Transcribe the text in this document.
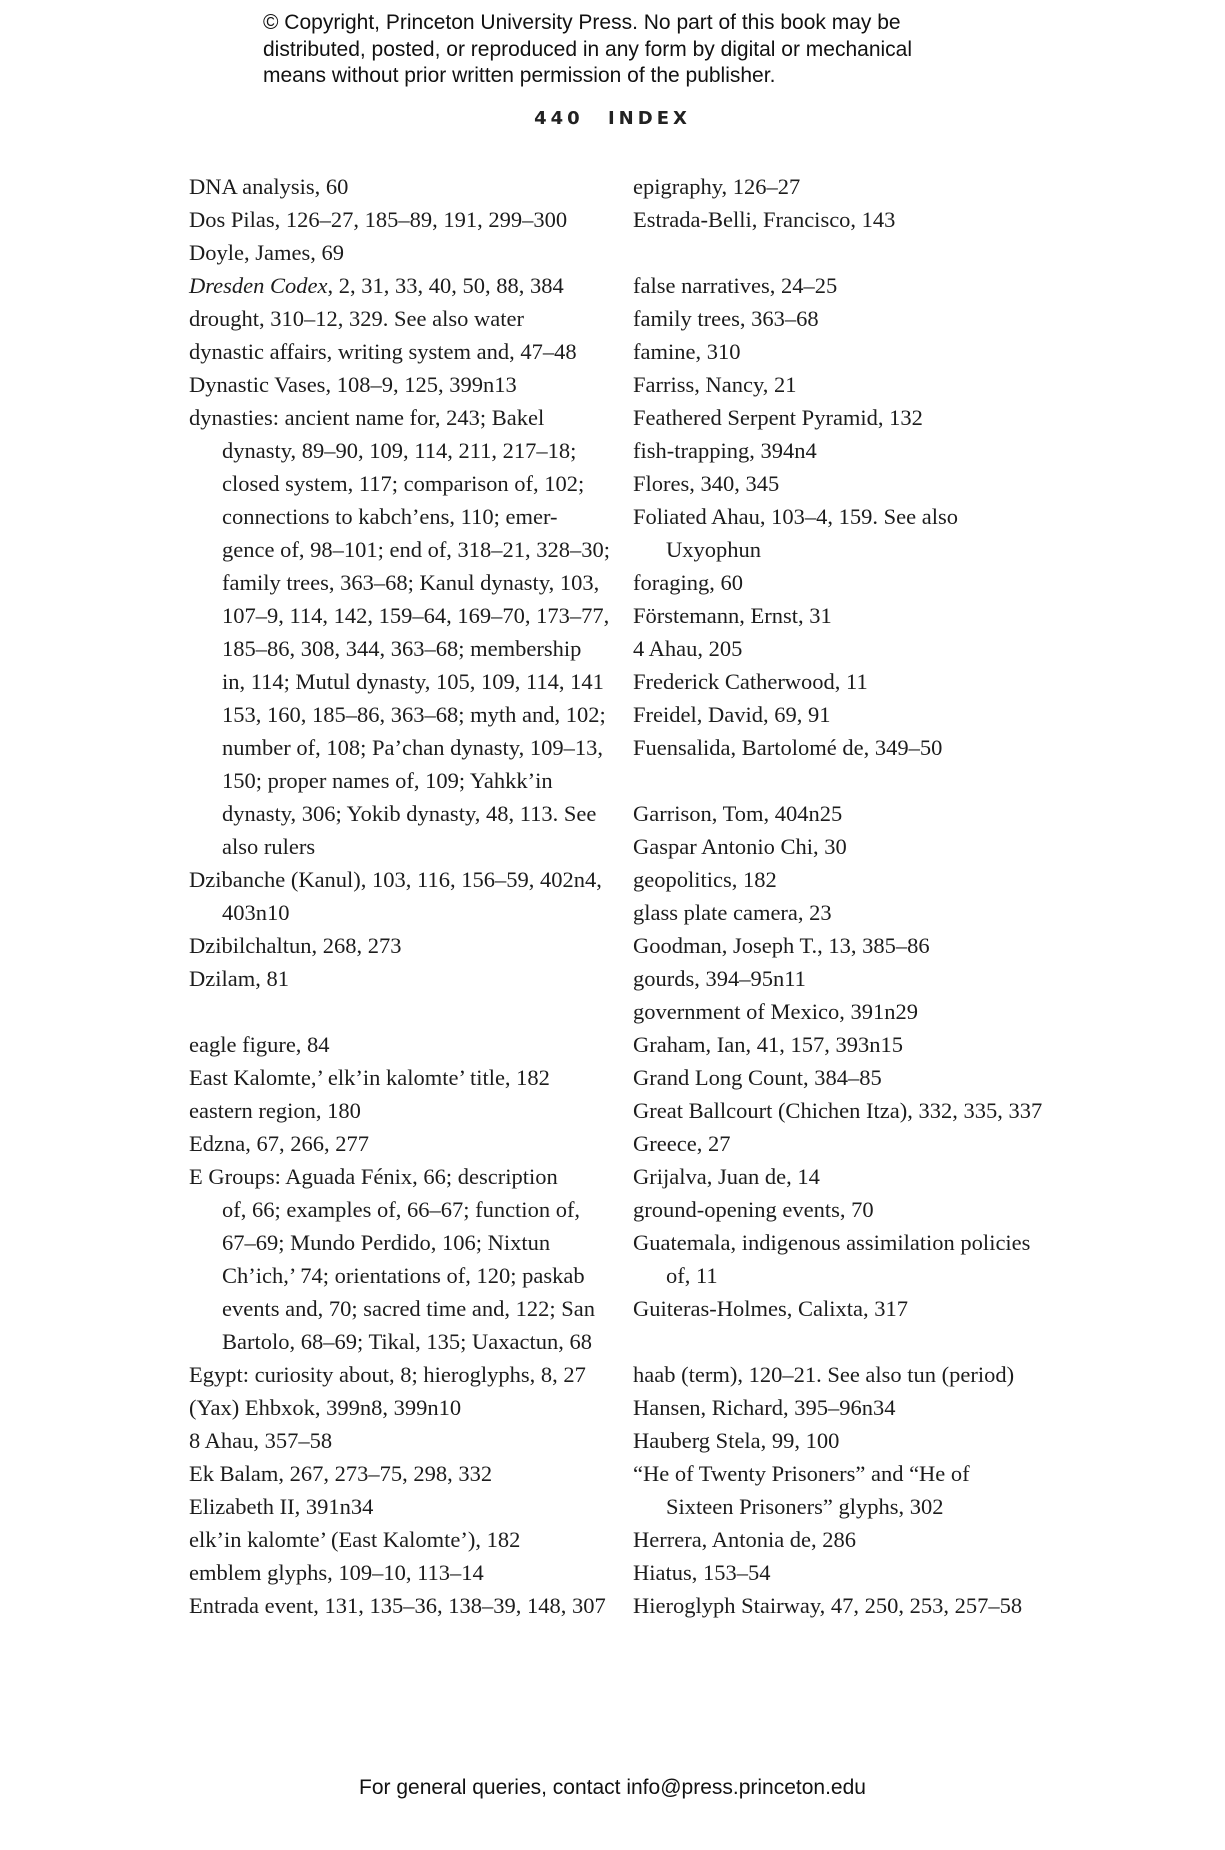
© Copyright, Princeton University Press. No part of this book may be
distributed, posted, or reproduced in any form by digital or mechanical
means without prior written permission of the publisher.
440 INDEX
DNA analysis, 60
Dos Pilas, 126–27, 185–89, 191, 299–300
Doyle, James, 69
Dresden Codex, 2, 31, 33, 40, 50, 88, 384
drought, 310–12, 329. See also water
dynastic affairs, writing system and, 47–48
Dynastic Vases, 108–9, 125, 399n13
dynasties: ancient name for, 243; Bakel
dynasty, 89–90, 109, 114, 211, 217–18;
closed system, 117; comparison of, 102;
connections to kabch’ens, 110; emer-
gence of, 98–101; end of, 318–21, 328–30;
family trees, 363–68; Kanul dynasty, 103,
107–9, 114, 142, 159–64, 169–70, 173–77,
185–86, 308, 344, 363–68; membership
in, 114; Mutul dynasty, 105, 109, 114, 141
153, 160, 185–86, 363–68; myth and, 102;
number of, 108; Pa’chan dynasty, 109–13,
150; proper names of, 109; Yahkk’in
dynasty, 306; Yokib dynasty, 48, 113. See
also rulers
Dzibanche (Kanul), 103, 116, 156–59, 402n4,
403n10
Dzibilchaltun, 268, 273
Dzilam, 81
eagle figure, 84
East Kalomte,’ elk’in kalomte’ title, 182
eastern region, 180
Edzna, 67, 266, 277
E Groups: Aguada Fénix, 66; description
of, 66; examples of, 66–67; function of,
67–69; Mundo Perdido, 106; Nixtun
Ch’ich,’ 74; orientations of, 120; paskab
events and, 70; sacred time and, 122; San
Bartolo, 68–69; Tikal, 135; Uaxactun, 68
Egypt: curiosity about, 8; hieroglyphs, 8, 27
(Yax) Ehbxok, 399n8, 399n10
8 Ahau, 357–58
Ek Balam, 267, 273–75, 298, 332
Elizabeth II, 391n34
elk’in kalomte’ (East Kalomte’), 182
emblem glyphs, 109–10, 113–14
Entrada event, 131, 135–36, 138–39, 148, 307
epigraphy, 126–27
Estrada-Belli, Francisco, 143
false narratives, 24–25
family trees, 363–68
famine, 310
Farriss, Nancy, 21
Feathered Serpent Pyramid, 132
fish-trapping, 394n4
Flores, 340, 345
Foliated Ahau, 103–4, 159. See also
Uxyophun
foraging, 60
Förstemann, Ernst, 31
4 Ahau, 205
Frederick Catherwood, 11
Freidel, David, 69, 91
Fuensalida, Bartolomé de, 349–50
Garrison, Tom, 404n25
Gaspar Antonio Chi, 30
geopolitics, 182
glass plate camera, 23
Goodman, Joseph T., 13, 385–86
gourds, 394–95n11
government of Mexico, 391n29
Graham, Ian, 41, 157, 393n15
Grand Long Count, 384–85
Great Ballcourt (Chichen Itza), 332, 335, 337
Greece, 27
Grijalva, Juan de, 14
ground-opening events, 70
Guatemala, indigenous assimilation policies
of, 11
Guiteras-Holmes, Calixta, 317
haab (term), 120–21. See also tun (period)
Hansen, Richard, 395–96n34
Hauberg Stela, 99, 100
“He of Twenty Prisoners” and “He of
Sixteen Prisoners” glyphs, 302
Herrera, Antonia de, 286
Hiatus, 153–54
Hieroglyph Stairway, 47, 250, 253, 257–58
For general queries, contact info@press.princeton.edu
